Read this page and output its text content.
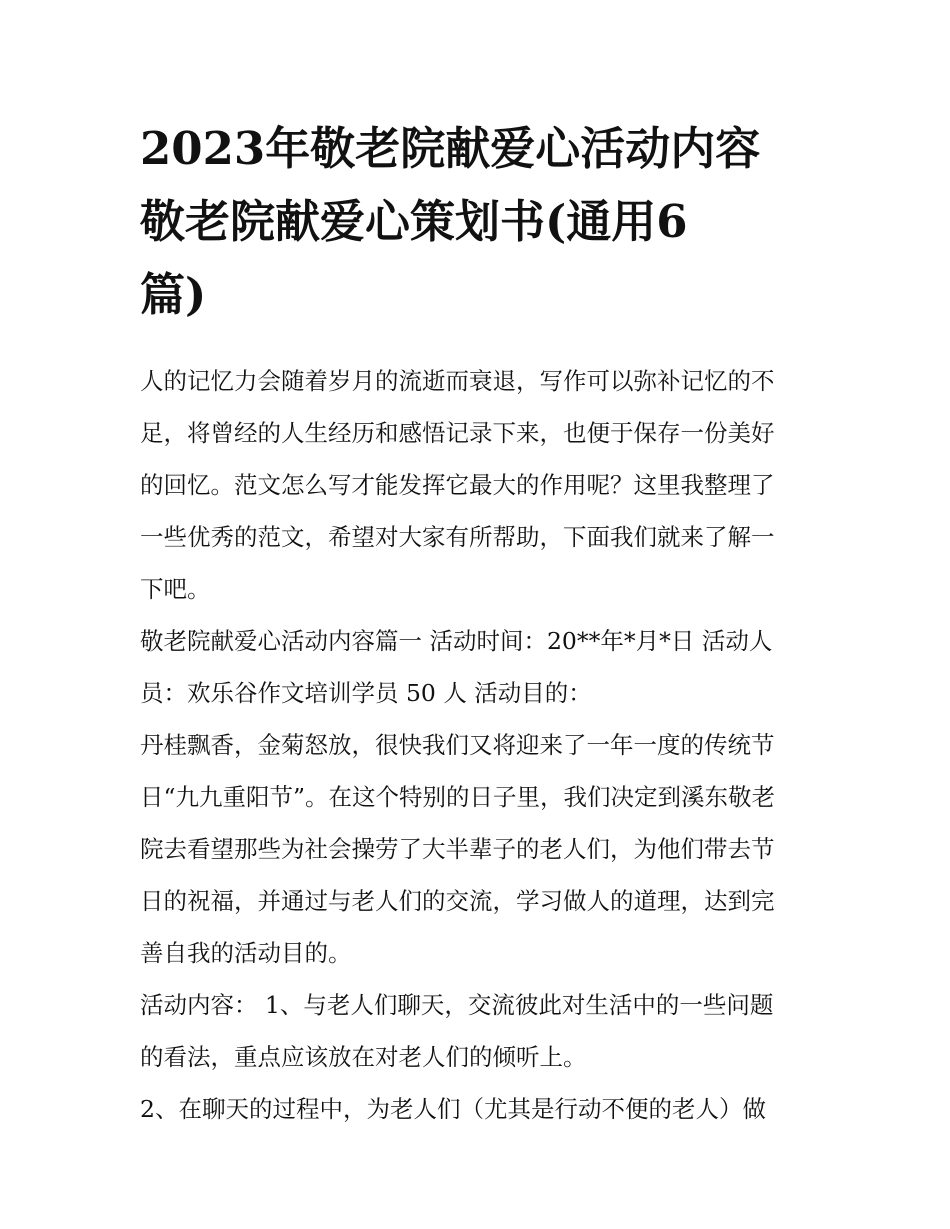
2023年敬老院献爱心活动内容
敬老院献爱心策划书(通用6
篇)

人的记忆力会随着岁月的流逝而衰退，写作可以弥补记忆的不
足，将曾经的人生经历和感悟记录下来，也便于保存一份美好
的回忆。范文怎么写才能发挥它最大的作用呢？这里我整理了
一些优秀的范文，希望对大家有所帮助，下面我们就来了解一
下吧。

敬老院献爱心活动内容篇一 活动时间：20**年*月*日 活动人
员：欢乐谷作文培训学员 50 人 活动目的：

丹桂飘香，金菊怒放，很快我们又将迎来了一年一度的传统节
日“九九重阳节”。在这个特别的日子里，我们决定到溪东敬老
院去看望那些为社会操劳了大半辈子的老人们，为他们带去节
日的祝福，并通过与老人们的交流，学习做人的道理，达到完
善自我的活动目的。

活动内容： 1、与老人们聊天，交流彼此对生活中的一些问题
的看法，重点应该放在对老人们的倾听上。

2、在聊天的过程中，为老人们（尤其是行动不便的老人）做
